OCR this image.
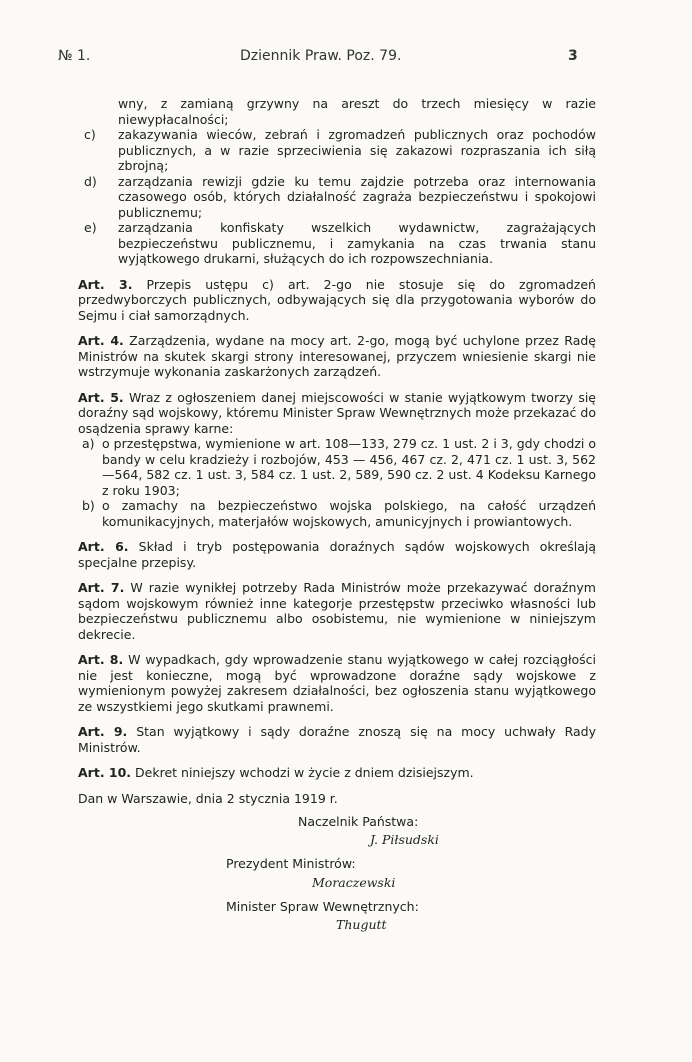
№ 1.	Dziennik Praw. Poz. 79.	3
wny, z zamianą grzywny na areszt do trzech miesięcy w razie niewypłacalności;
c) zakazywania wieców, zebrań i zgromadzeń publicznych oraz pochodów publicznych, a w razie sprzeciwienia się zakazowi rozpraszania ich siłą zbrojną;
d) zarządzania rewizji gdzie ku temu zajdzie potrzeba oraz internowania czasowego osób, których działalność zagraża bezpieczeństwu i spokojowi publicznemu;
e) zarządzania konfiskaty wszelkich wydawnictw, zagrażających bezpieczeństwu publicznemu, i zamykania na czas trwania stanu wyjątkowego drukarni, służących do ich rozpowszechniania.
Art. 3. Przepis ustępu c) art. 2-go nie stosuje się do zgromadzeń przedwyborczych publicznych, odbywających się dla przygotowania wyborów do Sejmu i ciał samorządnych.
Art. 4. Zarządzenia, wydane na mocy art. 2-go, mogą być uchylone przez Radę Ministrów na skutek skargi strony interesowanej, przyczem wniesienie skargi nie wstrzymuje wykonania zaskarżonych zarządzeń.
Art. 5. Wraz z ogłoszeniem danej miejscowości w stanie wyjątkowym tworzy się doraźny sąd wojskowy, któremu Minister Spraw Wewnętrznych może przekazać do osądzenia sprawy karne:
a) o przestępstwa, wymienione w art. 108—133, 279 cz. 1 ust. 2 i 3, gdy chodzi o bandy w celu kradzieży i rozbojów, 453 — 456, 467 cz. 2, 471 cz. 1 ust. 3, 562—564, 582 cz. 1 ust. 3, 584 cz. 1 ust. 2, 589, 590 cz. 2 ust. 4 Kodeksu Karnego z roku 1903;
b) o zamachy na bezpieczeństwo wojska polskiego, na całość urządzeń komunikacyjnych, materjałów wojskowych, amunicyjnych i prowiantowych.
Art. 6. Skład i tryb postępowania doraźnych sądów wojskowych określają specjalne przepisy.
Art. 7. W razie wynikłej potrzeby Rada Ministrów może przekazywać doraźnym sądom wojskowym również inne kategorje przestępstw przeciwko własności lub bezpieczeństwu publicznemu albo osobistemu, nie wymienione w niniejszym dekrecie.
Art. 8. W wypadkach, gdy wprowadzenie stanu wyjątkowego w całej rozciągłości nie jest konieczne, mogą być wprowadzone doraźne sądy wojskowe z wymienionym powyżej zakresem działalności, bez ogłoszenia stanu wyjątkowego ze wszystkiemi jego skutkami prawnemi.
Art. 9. Stan wyjątkowy i sądy doraźne znoszą się na mocy uchwały Rady Ministrów.
Art. 10. Dekret niniejszy wchodzi w życie z dniem dzisiejszym.
Dan w Warszawie, dnia 2 stycznia 1919 r.
Naczelnik Państwa:
J. Piłsudski
Prezydent Ministrów:
Moraczewski
Minister Spraw Wewnętrznych:
Thugutt
